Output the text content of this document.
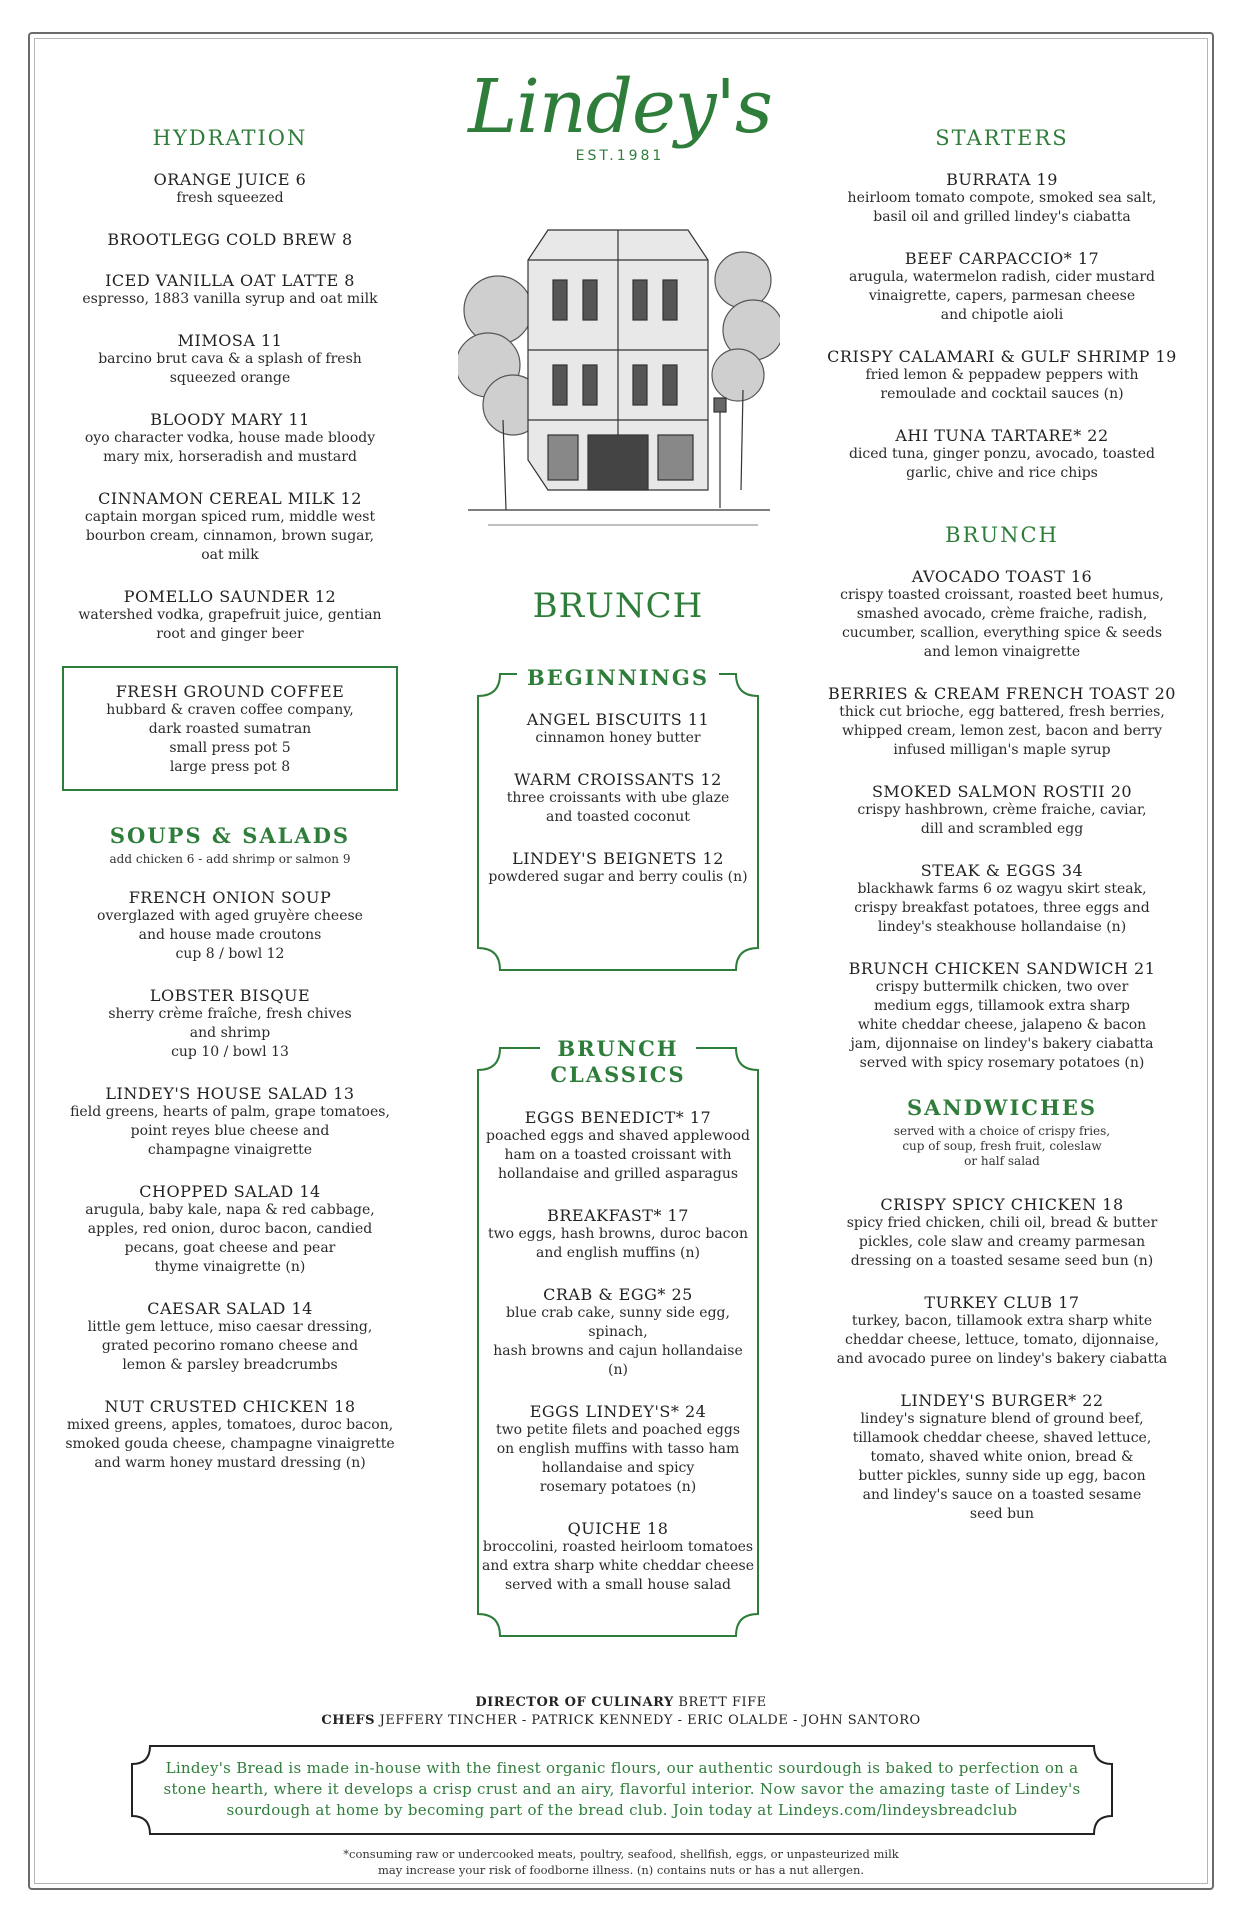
HYDRATION
ORANGE JUICE 6
fresh squeezed
BROOTLEGG COLD BREW 8
ICED VANILLA OAT LATTE 8
espresso, 1883 vanilla syrup and oat milk
MIMOSA 11
barcino brut cava & a splash of fresh
squeezed orange
BLOODY MARY 11
oyo character vodka, house made bloody
mary mix, horseradish and mustard
CINNAMON CEREAL MILK 12
captain morgan spiced rum, middle west
bourbon cream, cinnamon, brown sugar,
oat milk
POMELLO SAUNDER 12
watershed vodka, grapefruit juice, gentian
root and ginger beer
FRESH GROUND COFFEE
hubbard & craven coffee company,
dark roasted sumatran
small press pot 5
large press pot 8
SOUPS & SALADS
add chicken 6 - add shrimp or salmon 9
FRENCH ONION SOUP
overglazed with aged gruyère cheese
and house made croutons
cup 8 / bowl 12
LOBSTER BISQUE
sherry crème fraîche, fresh chives
and shrimp
cup 10 / bowl 13
LINDEY'S HOUSE SALAD 13
field greens, hearts of palm, grape tomatoes,
point reyes blue cheese and
champagne vinaigrette
CHOPPED SALAD 14
arugula, baby kale, napa & red cabbage,
apples, red onion, duroc bacon, candied
pecans, goat cheese and pear
thyme vinaigrette (n)
CAESAR SALAD 14
little gem lettuce, miso caesar dressing,
grated pecorino romano cheese and
lemon & parsley breadcrumbs
NUT CRUSTED CHICKEN 18
mixed greens, apples, tomatoes, duroc bacon,
smoked gouda cheese, champagne vinaigrette
and warm honey mustard dressing (n)
Lindey's
EST.1981
BRUNCH
BEGINNINGS
ANGEL BISCUITS 11
cinnamon honey butter
WARM CROISSANTS 12
three croissants with ube glaze
and toasted coconut
LINDEY'S BEIGNETS 12
powdered sugar and berry coulis (n)
BRUNCH
CLASSICS
EGGS BENEDICT* 17
poached eggs and shaved applewood
ham on a toasted croissant with
hollandaise and grilled asparagus
BREAKFAST* 17
two eggs, hash browns, duroc bacon
and english muffins (n)
CRAB & EGG* 25
blue crab cake, sunny side egg, spinach,
hash browns and cajun hollandaise (n)
EGGS LINDEY'S* 24
two petite filets and poached eggs
on english muffins with tasso ham
hollandaise and spicy
rosemary potatoes (n)
QUICHE 18
broccolini, roasted heirloom tomatoes
and extra sharp white cheddar cheese
served with a small house salad
STARTERS
BURRATA 19
heirloom tomato compote, smoked sea salt,
basil oil and grilled lindey's ciabatta
BEEF CARPACCIO* 17
arugula, watermelon radish, cider mustard
vinaigrette, capers, parmesan cheese
and chipotle aioli
CRISPY CALAMARI & GULF SHRIMP 19
fried lemon & peppadew peppers with
remoulade and cocktail sauces (n)
AHI TUNA TARTARE* 22
diced tuna, ginger ponzu, avocado, toasted
garlic, chive and rice chips
BRUNCH
AVOCADO TOAST 16
crispy toasted croissant, roasted beet humus,
smashed avocado, crème fraiche, radish,
cucumber, scallion, everything spice & seeds
and lemon vinaigrette
BERRIES & CREAM FRENCH TOAST 20
thick cut brioche, egg battered, fresh berries,
whipped cream, lemon zest, bacon and berry
infused milligan's maple syrup
SMOKED SALMON ROSTII 20
crispy hashbrown, crème fraiche, caviar,
dill and scrambled egg
STEAK & EGGS 34
blackhawk farms 6 oz wagyu skirt steak,
crispy breakfast potatoes, three eggs and
lindey's steakhouse hollandaise (n)
BRUNCH CHICKEN SANDWICH 21
crispy buttermilk chicken, two over
medium eggs, tillamook extra sharp
white cheddar cheese, jalapeno & bacon
jam, dijonnaise on lindey's bakery ciabatta
served with spicy rosemary potatoes (n)
SANDWICHES
served with a choice of crispy fries,
cup of soup, fresh fruit, coleslaw
or half salad
CRISPY SPICY CHICKEN 18
spicy fried chicken, chili oil, bread & butter
pickles, cole slaw and creamy parmesan
dressing on a toasted sesame seed bun (n)
TURKEY CLUB 17
turkey, bacon, tillamook extra sharp white
cheddar cheese, lettuce, tomato, dijonnaise,
and avocado puree on lindey's bakery ciabatta
LINDEY'S BURGER* 22
lindey's signature blend of ground beef,
tillamook cheddar cheese, shaved lettuce,
tomato, shaved white onion, bread &
butter pickles, sunny side up egg, bacon
and lindey's sauce on a toasted sesame
seed bun
DIRECTOR OF CULINARY BRETT FIFE
CHEFS JEFFERY TINCHER - PATRICK KENNEDY - ERIC OLALDE - JOHN SANTORO
Lindey's Bread is made in-house with the finest organic flours, our authentic sourdough is baked to perfection on a stone hearth, where it develops a crisp crust and an airy, flavorful interior. Now savor the amazing taste of Lindey's sourdough at home by becoming part of the bread club. Join today at Lindeys.com/lindeysbreadclub
*consuming raw or undercooked meats, poultry, seafood, shellfish, eggs, or unpasteurized milk
may increase your risk of foodborne illness. (n) contains nuts or has a nut allergen.
